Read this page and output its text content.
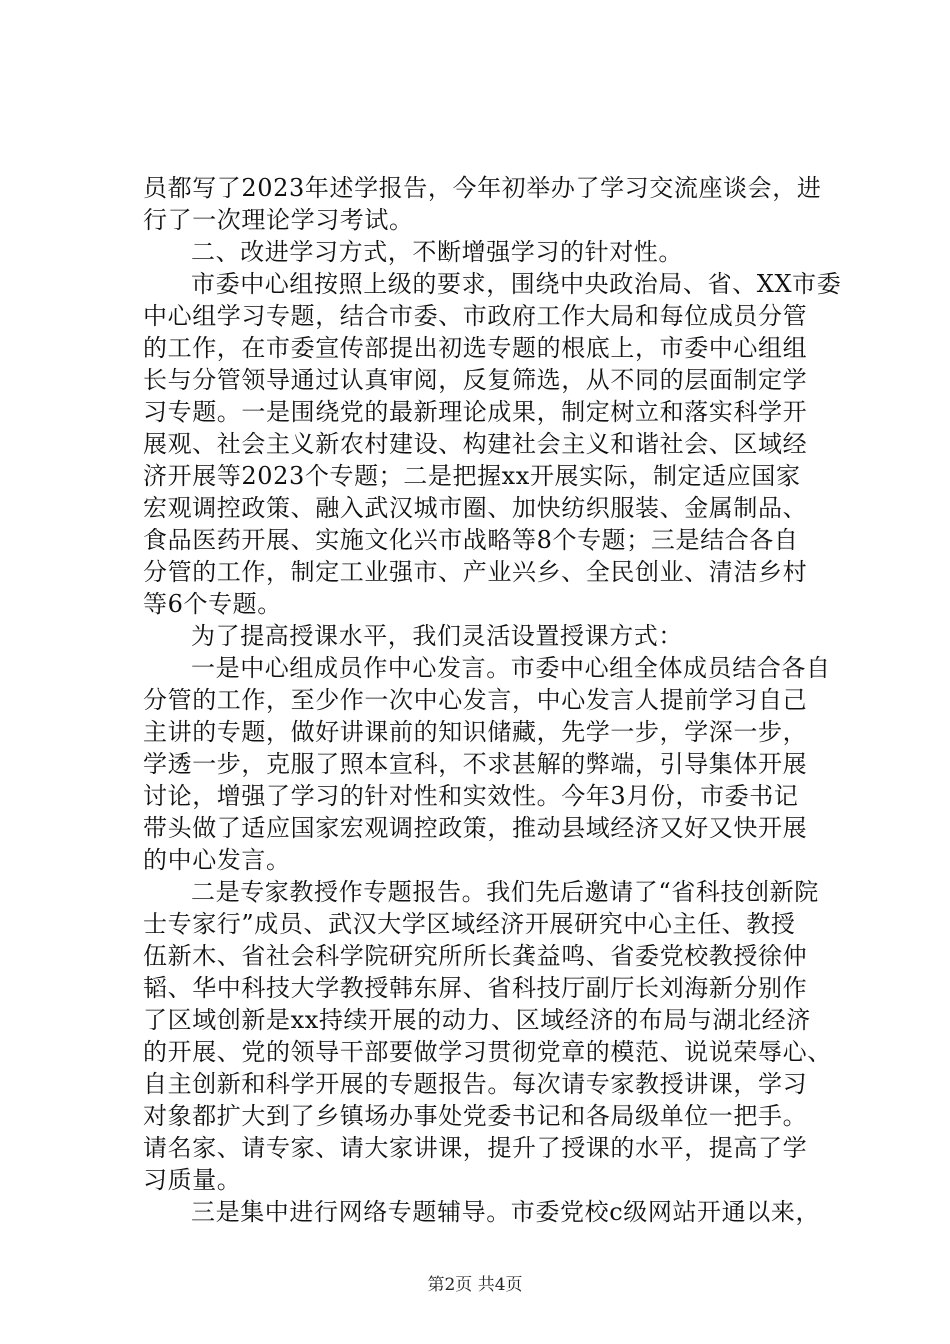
员都写了2023年述学报告，今年初举办了学习交流座谈会，进
行了一次理论学习考试。
二、改进学习方式，不断增强学习的针对性。
市委中心组按照上级的要求，围绕中央政治局、省、XX市委
中心组学习专题，结合市委、市政府工作大局和每位成员分管
的工作，在市委宣传部提出初选专题的根底上，市委中心组组
长与分管领导通过认真审阅，反复筛选，从不同的层面制定学
习专题。一是围绕党的最新理论成果，制定树立和落实科学开
展观、社会主义新农村建设、构建社会主义和谐社会、区域经
济开展等2023个专题；二是把握xx开展实际，制定适应国家
宏观调控政策、融入武汉城市圈、加快纺织服装、金属制品、
食品医药开展、实施文化兴市战略等8个专题；三是结合各自
分管的工作，制定工业强市、产业兴乡、全民创业、清洁乡村
等6个专题。
为了提高授课水平，我们灵活设置授课方式：
一是中心组成员作中心发言。市委中心组全体成员结合各自
分管的工作，至少作一次中心发言，中心发言人提前学习自己
主讲的专题，做好讲课前的知识储藏，先学一步，学深一步，
学透一步，克服了照本宣科，不求甚解的弊端，引导集体开展
讨论，增强了学习的针对性和实效性。今年3月份，市委书记
带头做了适应国家宏观调控政策，推动县域经济又好又快开展
的中心发言。
二是专家教授作专题报告。我们先后邀请了“省科技创新院
士专家行”成员、武汉大学区域经济开展研究中心主任、教授
伍新木、省社会科学院研究所所长龚益鸣、省委党校教授徐仲
韬、华中科技大学教授韩东屏、省科技厅副厅长刘海新分别作
了区域创新是xx持续开展的动力、区域经济的布局与湖北经济
的开展、党的领导干部要做学习贯彻党章的模范、说说荣辱心、
自主创新和科学开展的专题报告。每次请专家教授讲课，学习
对象都扩大到了乡镇场办事处党委书记和各局级单位一把手。
请名家、请专家、请大家讲课，提升了授课的水平，提高了学
习质量。
三是集中进行网络专题辅导。市委党校c级网站开通以来，
第2页 共4页
